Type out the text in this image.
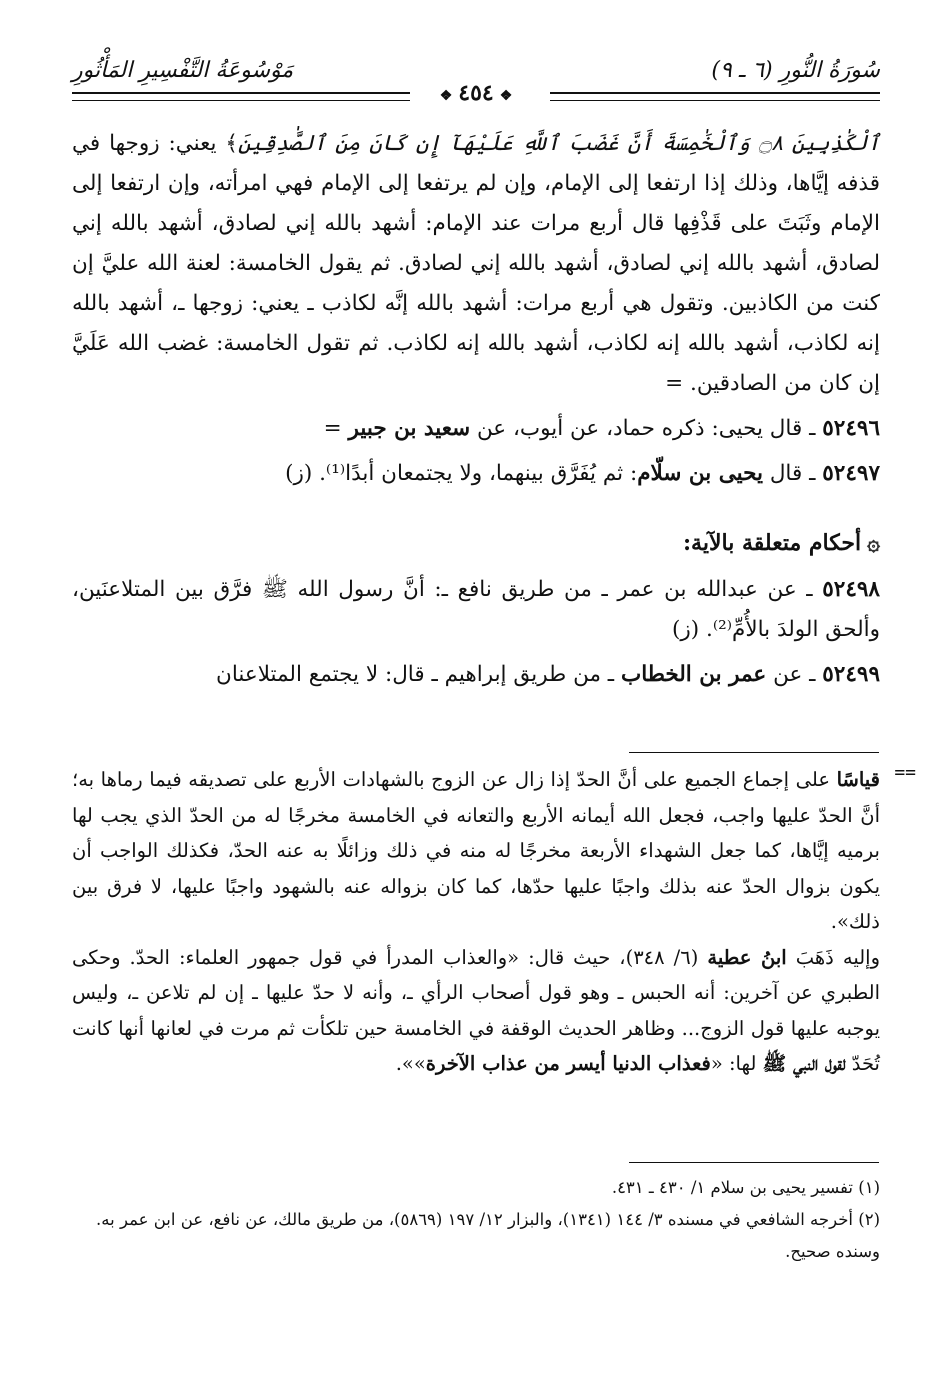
سُورَةُ النُّورِ (٦ ـ ٩)
مَوْسُوعَةُ التَّفْسِيرِ المَأْثُورِ
❖ ٤٥٤ ❖

ٱلْكَٰذِبِينَ ۝٨ وَٱلْخَٰمِسَةَ أَنَّ غَضَبَ ٱللَّهِ عَلَيْهَآ إِن كَانَ مِنَ ٱلصَّٰدِقِينَ﴾ يعني: زوجها في قذفه إيَّاها، وذلك إذا ارتفعا إلى الإمام، وإن لم يرتفعا إلى الإمام فهي امرأته، وإن ارتفعا إلى الإمام وثَبَتَ على قَذْفِها قال أربع مرات عند الإمام: أشهد بالله إني لصادق، أشهد بالله إني لصادق، أشهد بالله إني لصادق، أشهد بالله إني لصادق. ثم يقول الخامسة: لعنة الله عليَّ إن كنت من الكاذبين. وتقول هي أربع مرات: أشهد بالله إنَّه لكاذب ـ يعني: زوجها ـ، أشهد بالله إنه لكاذب، أشهد بالله إنه لكاذب، أشهد بالله إنه لكاذب. ثم تقول الخامسة: غضب الله عَلَيَّ إن كان من الصادقين. =

٥٢٤٩٦ ـ قال يحيى: ذكره حماد، عن أيوب، عن سعيد بن جبير =

٥٢٤٩٧ ـ قال يحيى بن سلّام: ثم يُفَرَّق بينهما، ولا يجتمعان أبدًا⁽¹⁾. (ز)

۞أحكام متعلقة بالآية:

٥٢٤٩٨ ـ عن عبدالله بن عمر ـ من طريق نافع ـ: أنَّ رسول الله ﷺ فرَّق بين المتلاعنَين، وألحق الولدَ بالأُمِّ⁽²⁾. (ز)

٥٢٤٩٩ ـ عن عمر بن الخطاب ـ من طريق إبراهيم ـ قال: لا يجتمع المتلاعنان

==

قياسًا على إجماع الجميع على أنَّ الحدّ إذا زال عن الزوج بالشهادات الأربع على تصديقه فيما رماها به؛ أنَّ الحدّ عليها واجب، فجعل الله أيمانه الأربع والتعانه في الخامسة مخرجًا له من الحدّ الذي يجب لها برميه إيَّاها، كما جعل الشهداء الأربعة مخرجًا له منه في ذلك وزائلًا به عنه الحدّ، فكذلك الواجب أن يكون بزوال الحدّ عنه بذلك واجبًا عليها حدّها، كما كان بزواله عنه بالشهود واجبًا عليها، لا فرق بين ذلك».

وإليه ذَهَبَ ابنُ عطية (٦/ ٣٤٨)، حيث قال: «والعذاب المدرأ في قول جمهور العلماء: الحدّ. وحكى الطبري عن آخرين: أنه الحبس ـ وهو قول أصحاب الرأي ـ، وأنه لا حدّ عليها ـ إن لم تلاعن ـ، وليس يوجبه عليها قول الزوج... وظاهر الحديث الوقفة في الخامسة حين تلكأت ثم مرت في لعانها أنها كانت تُحَدّ لقول النبي ﷺ لها: «فعذاب الدنيا أيسر من عذاب الآخرة»».

(١) تفسير يحيى بن سلام ١/ ٤٣٠ ـ ٤٣١.

(٢) أخرجه الشافعي في مسنده ٣/ ١٤٤ (١٣٤١)، والبزار ١٢/ ١٩٧ (٥٨٦٩)، من طريق مالك، عن نافع، عن ابن عمر به.

وسنده صحيح.
